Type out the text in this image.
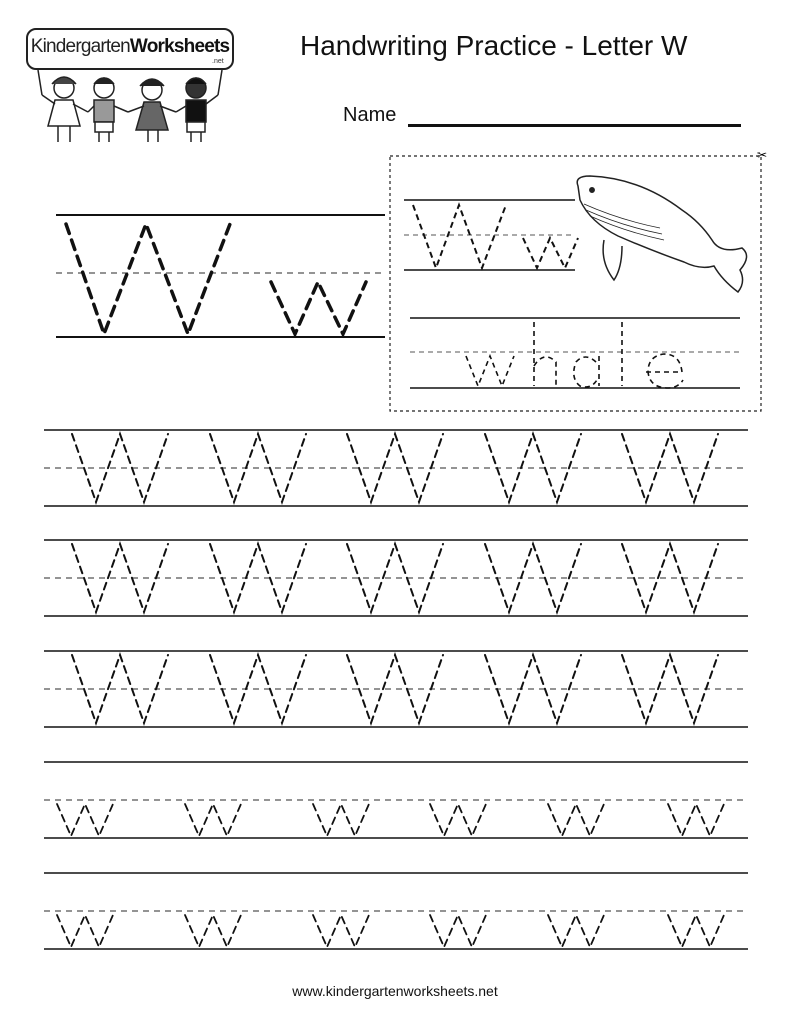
KindergartenWorksheets
.net
Handwriting Practice - Letter W
Name
✂
www.kindergartenworksheets.net
